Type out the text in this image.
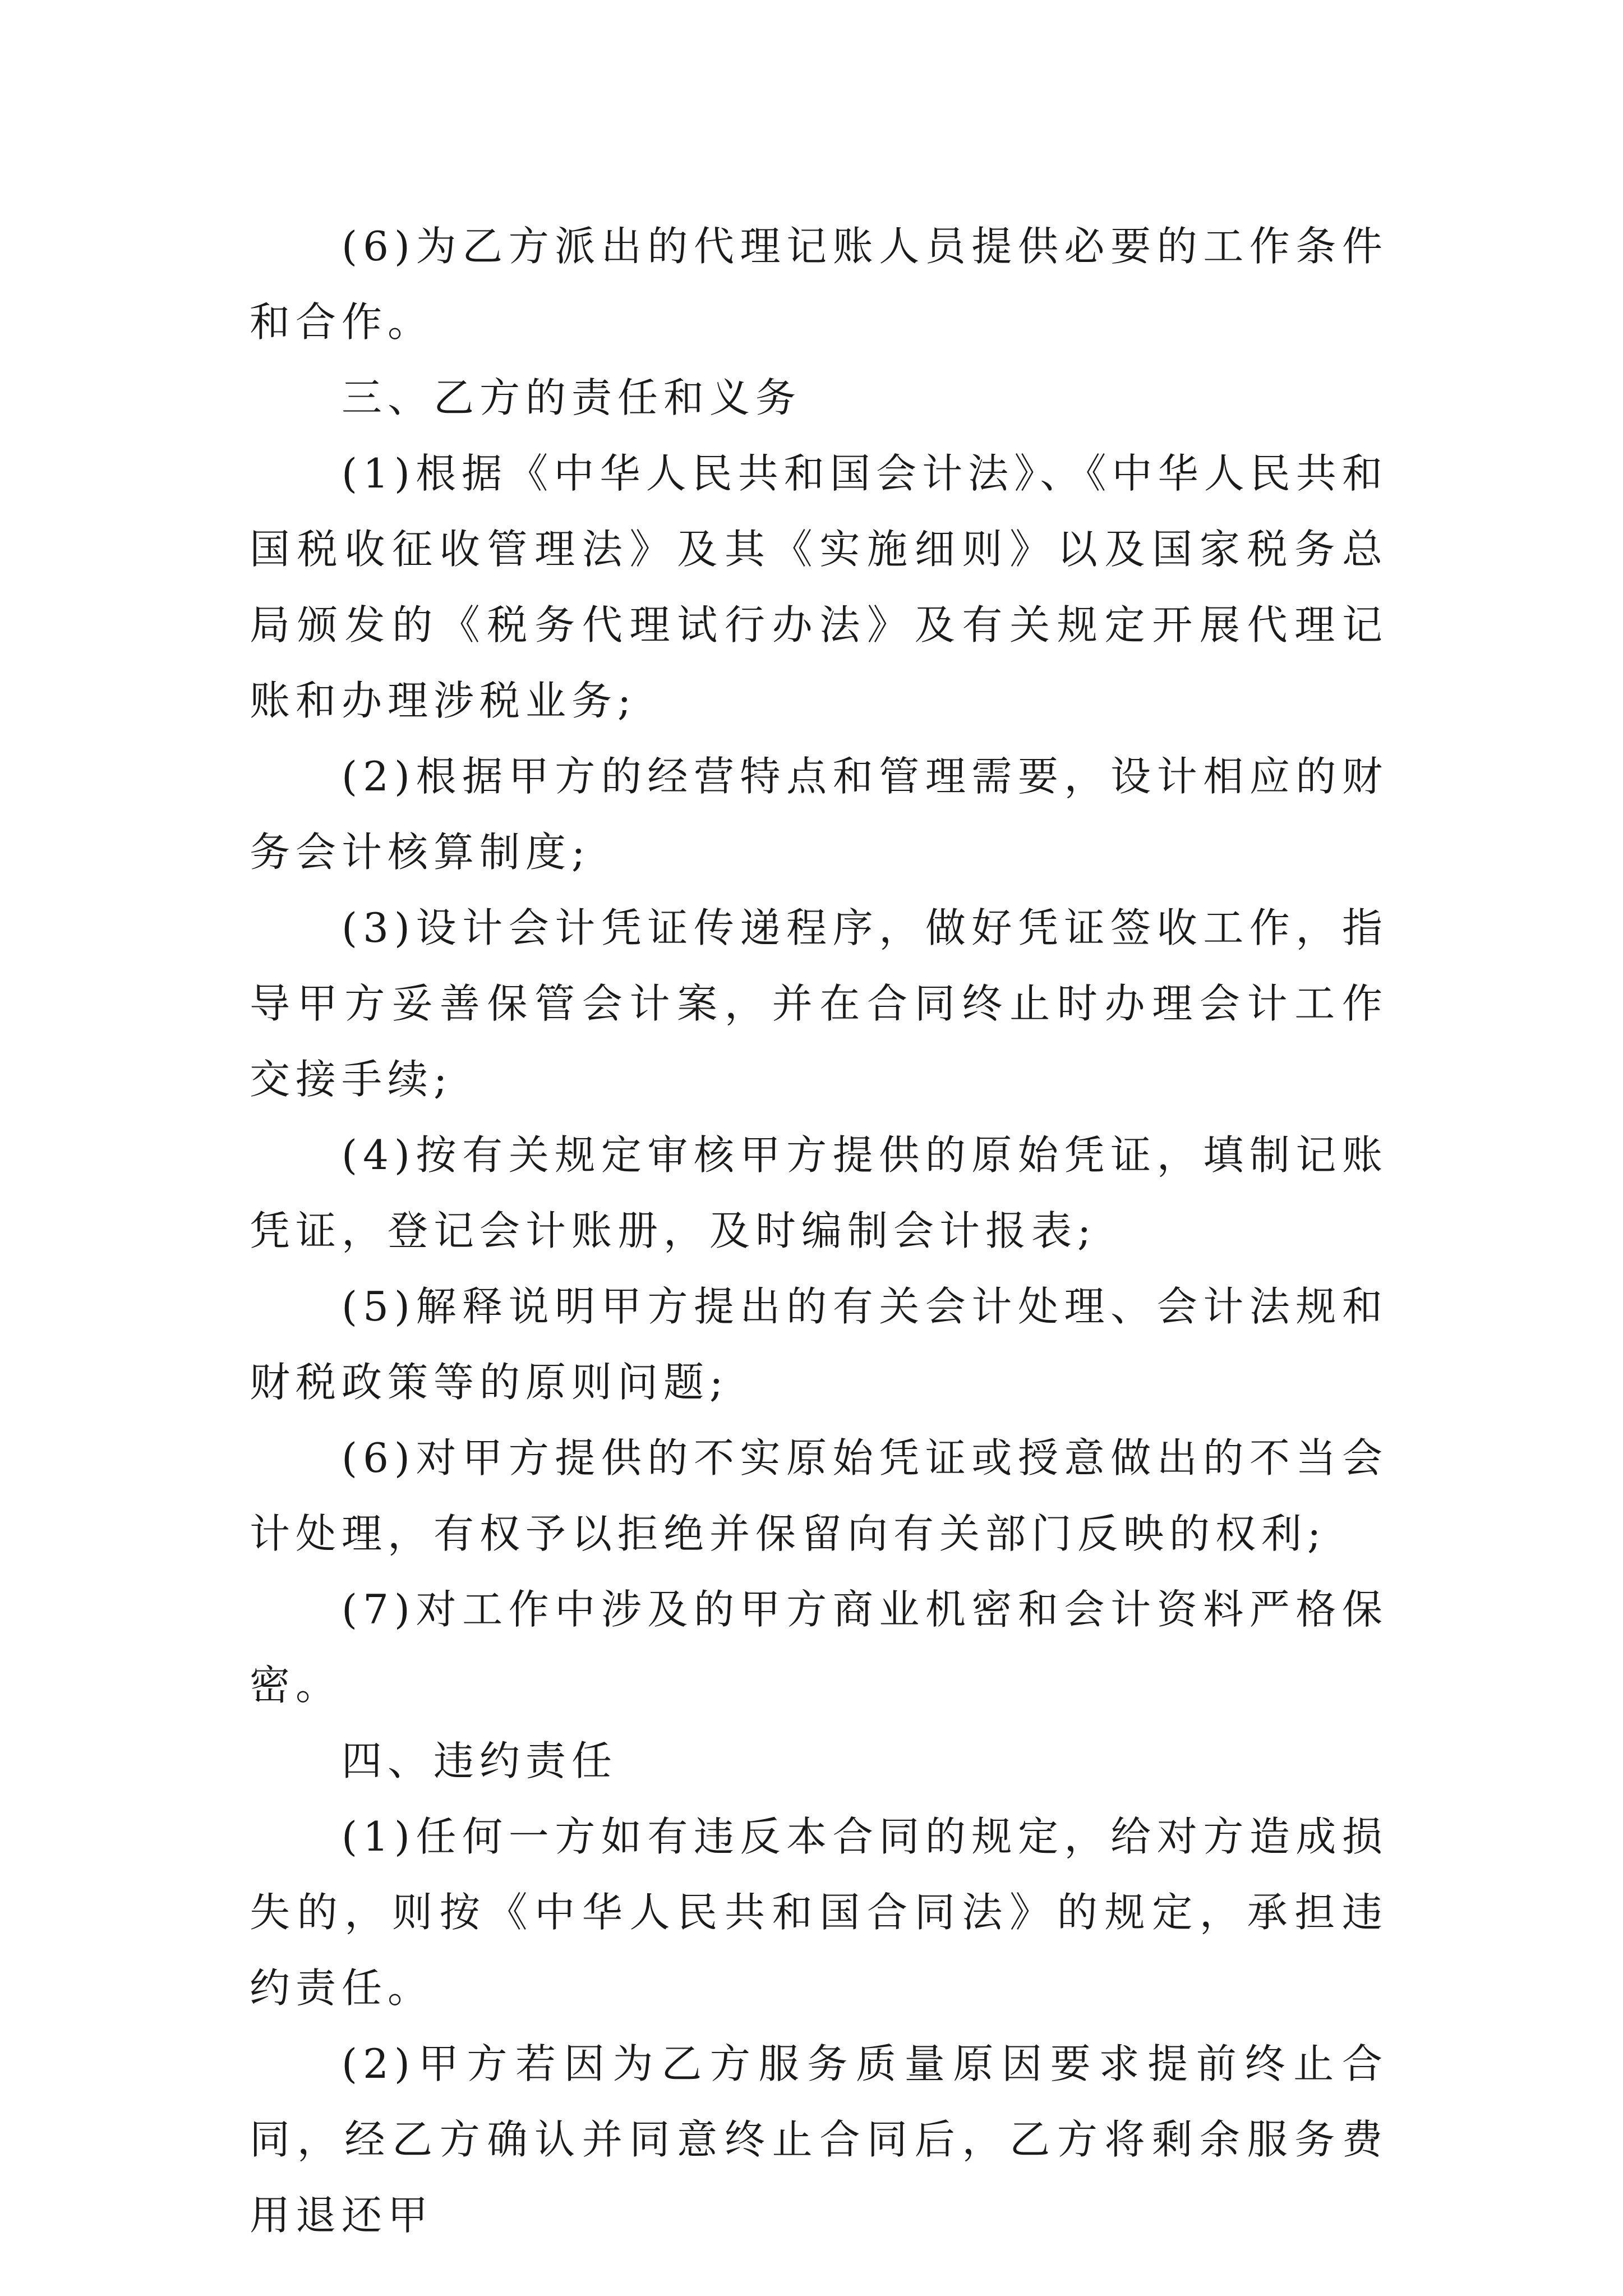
(6)为乙方派出的代理记账人员提供必要的工作条件和合作。

三、乙方的责任和义务

(1)根据《中华人民共和国会计法》、《中华人民共和国税收征收管理法》及其《实施细则》以及国家税务总局颁发的《税务代理试行办法》及有关规定开展代理记账和办理涉税业务;

(2)根据甲方的经营特点和管理需要，设计相应的财务会计核算制度;

(3)设计会计凭证传递程序，做好凭证签收工作，指导甲方妥善保管会计案，并在合同终止时办理会计工作交接手续;

(4)按有关规定审核甲方提供的原始凭证，填制记账凭证，登记会计账册，及时编制会计报表;

(5)解释说明甲方提出的有关会计处理、会计法规和财税政策等的原则问题;

(6)对甲方提供的不实原始凭证或授意做出的不当会计处理，有权予以拒绝并保留向有关部门反映的权利;

(7)对工作中涉及的甲方商业机密和会计资料严格保密。

四、违约责任

(1)任何一方如有违反本合同的规定，给对方造成损失的，则按《中华人民共和国合同法》的规定，承担违约责任。

(2)甲方若因为乙方服务质量原因要求提前终止合同，经乙方确认并同意终止合同后，乙方将剩余服务费用退还甲
